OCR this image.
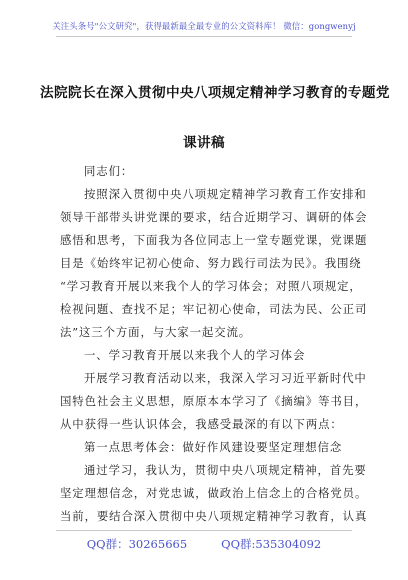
关注头条号"公文研究"，获得最新最全最专业的公文资料库！ 微信：gongwenyj
法院院长在深入贯彻中央八项规定精神学习教育的专题党
课讲稿
同志们：
按照深入贯彻中央八项规定精神学习教育工作安排和
领导干部带头讲党课的要求，结合近期学习、调研的体会
感悟和思考，下面我为各位同志上一堂专题党课，党课题
目是《始终牢记初心使命、努力践行司法为民》。我围绕
“学习教育开展以来我个人的学习体会；对照八项规定，
检视问题、查找不足；牢记初心使命，司法为民、公正司
法”这三个方面，与大家一起交流。
一、学习教育开展以来我个人的学习体会
开展学习教育活动以来，我深入学习习近平新时代中
国特色社会主义思想，原原本本学习了《摘编》等书目，
从中获得一些认识体会，我感受最深的有以下两点：
第一点思考体会：做好作风建设要坚定理想信念
通过学习，我认为，贯彻中央八项规定精神，首先要
坚定理想信念，对党忠诚，做政治上信念上的合格党员。
当前，要结合深入贯彻中央八项规定精神学习教育，认真
QQ群：30265665	QQ群:535304092
